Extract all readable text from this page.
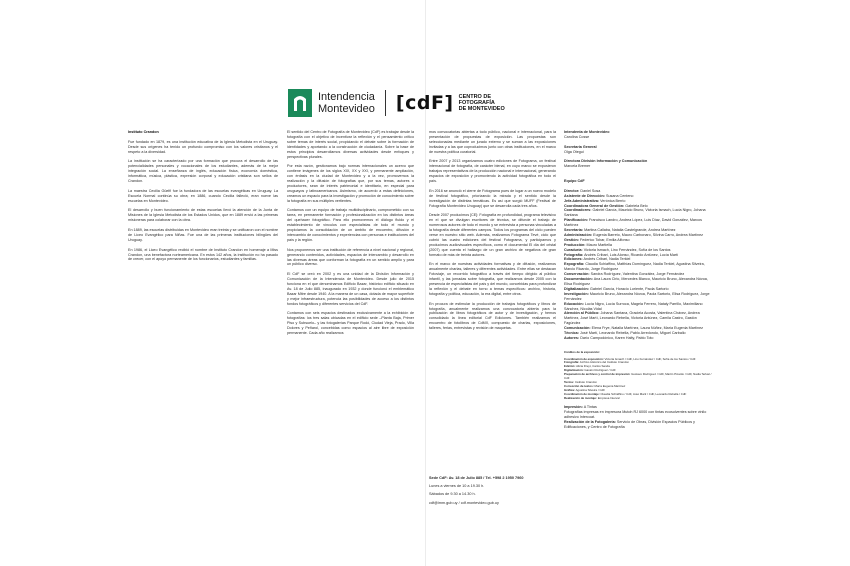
Intendencia
Montevideo [cdF] CENTRO DE
FOTOGRAFÍA
DE MONTEVIDEO

Instituto Crandon

Fue fundado en 1879, es una institución educativa de la Iglesia Metodista en el Uruguay. Desde sus orígenes ha tenido un profundo compromiso con los valores cristianos y el respeto a la diversidad.

La institución se ha caracterizado por una formación que procura el desarrollo de las potencialidades personales y vocacionales de los estudiantes, además de la mejor integración social. La enseñanza de inglés, educación física, economía doméstica, informática, música, plástica, expresión corporal y educación cristiana son sellos de Crandon.

La maestra Cecilia Güelfi fue la fundadora de las escuelas evangélicas en Uruguay. La Escuela Normal continúa su obra; en 1886, cuando Cecilia falleció, eran nueve las escuelas en Montevideo.

El desarrollo y buen funcionamiento de estas escuelas llevó la atención de la Junta de Misiones de la Iglesia Metodista de los Estados Unidos, que en 1889 envió a las primeras misioneras para colaborar con la obra.

En 1889, las escuelas distribuidas en Montevideo eran treinta y se unificaron con el nombre de Liceo Evangélico para Niñas. Fue una de las primeras instituciones bilingües del Uruguay.

En 1986, el Liceo Evangélico recibió el nombre de Instituto Crandon en homenaje a Miss Crandon, una benefactora norteamericana. En estos 142 años, la institución no ha pasado de crecer, con el apoyo permanente de los funcionarios, estudiantes y familias.

El sentido del Centro de Fotografía de Montevideo (CdF) es trabajar desde la fotografía con el objetivo de incentivar la reflexión y el pensamiento crítico sobre temas de interés social, propiciando el debate sobre la formación de identidades y aportando a la construcción de ciudadanía. Sobre la base de estos principios desarrollamos diversas actividades desde enfoques y perspectivas plurales.

Por esta razón, gestionamos bajo normas internacionales un acervo que contiene imágenes de los siglos XIX, XX y XXI, y permanente ampliación, con énfasis en la ciudad de Montevideo y a la vez, promovemos la realización y la difusión de fotografías que, por sus temas, autores o productores, sean de interés patrimonial e identitario, en especial para uruguayos y latinoamericanos. Asimismo, de acuerdo a estas definiciones, creamos un espacio para la investigación y promoción de conocimiento sobre la fotografía en sus múltiples vertientes.

Contamos con un equipo de trabajo multidisciplinario, comprometido con su tarea, en permanente formación y profesionalización en los distintos áreas del quehacer fotográfico. Para ello promovemos el diálogo fluido y el establecimiento de vínculos con especialistas de todo el mundo y propiciamos la consolidación de un ámbito de encuentro, difusión e intercambio de conocimientos y experiencias con personas e instituciones del país y la región.

Nos proponemos ser una institución de referencia a nivel nacional y regional, generando contenidos, actividades, espacios de intercambio y desarrollo en las diversas áreas que conforman la fotografía en un sentido amplio y para un público diverso.

El CdF se creó en 2002 y es una unidad de la División Información y Comunicación de la Intendencia de Montevideo. Desde julio de 2015 funciona en el que denominamos Edificio Bazar, histórico edificio situado en Av. 18 de Julio 885, inaugurado en 1932 y donde funcionó el emblemático Bazar Mitre desde 1940. A la manera de un casa, dotada de mayor superficie y mejor infraestructura, potencia las posibilidades de acceso a los distintos fondos fotográficos y diferentes servicios del CdF.

Contamos con seis espacios destinados exclusivamente a la exhibición de fotografías: los tres salas ubicadas en el edificio sede –Planta Baja, Primer Piso y Subsuelo– y las fotogalerías Parque Rodó, Ciudad Vieja, Prado, Villa Dolores y Peñarol, concebidas como espacios al aire libre de exposición permanente. Cada año realizamos

mos convocatorias abiertas a todo público, nacional e internacional, para la presentación de propuestas de exposición. Las propuestas son seleccionadas mediante un jurado externo y se suman a las exposiciones invitadas y a las que coproducimos junto con otras instituciones, en el marco de nuestra política curatorial.

Entre 2007 y 2013 organizamos cuatro ediciones de Fotograma, un festival internacional de fotografía, de carácter bienal, en cuyo marco se expusieron trabajos representativos de la producción nacional e internacional, generando espacios de exposición y promoviendo la actividad fotográfica en todo el país.

En 2016 se anunció el cierre de Fotograma pues de lugar a un nuevo modelo de festival fotográfico, priorizando la mirada y el sentido desde la investigación de distintas temáticas. Es así que surgió MUFF (Festival de Fotografía Montevideo Uruguay) que se desarrolla cada tres años.

Desde 2007 producimos [CE]: Fotografía en profundidad, programa televisivo en el que se divulgan escritores de técnica, se difunde el trabajo de numerosos autores de todo el mundo y se entrevista a personas vinculadas a la fotografía desde diferentes campos. Todos los programas del ciclo pueden verse en nuestro sitio web. Además, realizamos Fotograma Tevé, ciclo que cubrió las cuatro ediciones del festival Fotograma, y participamos y producimos audiovisuales específicos, como el documental El día del cristal (2007) que cuenta el hallazgo de un gran archivo de negativos de gran formato de más de treinta autores.

En el marco de nuestras actividades formativas y de difusión, realizamos anualmente charlas, talleres y diferentes actividades. Entre ellas se destacan Fotoviaje, un recorrido fotográfico a través del tiempo dirigido al público infantil, y las jornadas sobre fotografía, que realizamos desde 2005 con la presencia de especialistas del país y del mundo, concebidas para profundizar la reflexión y el debate en torno a temas específicos: archivo, historia, fotografía y política, educación, la era digital, entre otros.

En procura de estimular la producción de trabajos fotográficos y libros de fotografía, anualmente realizamos una convocatoria abierta para la publicación de libros fotográficos de autor y de investigación, y hemos consolidado la línea editorial CdF Ediciones. También realizamos el encuentro de fotolibros de CdMX, compuesto de charlas, exposiciones, talleres, ferias, entrevistas y revisión de maquetas.

Sede CdF: Av. 18 de Julio 885 / Tel. +598 2 1950 7960
Lunes a viernes de 10 a 19.30 h.
Sábados de 9.30 a 14.30 h.
cdf@imm.gub.uy / cdf.montevideo.gub.uy
Intendenta de Montevideo
Carolina Cosse
Secretaria General
Olga Otegui
Directora División Información y Comunicación
Marcela Bremer
Equipo CdF
Director: Daniel Sosa
Asistente de Dirección: Susana Centeno
Jefa Administrativa: Verónica Berrio
Coordinadora General de Gestión: Gabriela Belo
Coordinadores: Gabriel García, Mauricio Bruno, Victoria Ismach, Lucía Nigro, Johana Santana
Planificación: Francisco Landro, Andrea López, Luis Díaz, David González, Marcos Martínez
Secretaría: Martina Callaba, Natalia Castelgrande, Andrea Martínez
Administración: Eugenia Barreto, Mauro Carbonaro, Silvina Carro, Andrea Martínez
Gestión: Federico Tobar, Emilia Alfonso
Producción: Mauro Martiella
Curaduría: Victoria Ismach, Lino Fernández, Sofía de los Santos
Fotografía: Andrés Cribari, Luis Alonso, Ricardo Antúnez, Lucía Martí
Ediciones: Andrés Cribari, Nadia Terkiel
Expografía: Claudia Schiaffino, Matthías Domínguez, Nadia Terkiel, Agustina Silveira, Marcio Ricardo, Jorge Rodríguez
Conservación: Sandra Rodríguez, Valentina González, Jorge Fernández
Documentación: Ana Laura Cirio, Mercedes Blanco, Mauricio Bruno, Alexandra Nóvoa, Elisa Rodríguez
Digitalización: Gabriel García, Horacio Loriente, Paola Sartorio
Investigación: Mauricio Bruno, Alexandra Nóvoa, Paola Sartorio, Elisa Rodríguez, Jorge Fernández
Educación: Lucía Nigro, Lucía Surroca, Magela Ferrero, Nataly Parrillo, Maximiliano Sánchez, Nicolás Vidal
Atención al Público: Johana Santana, Graciela Acosta, Valentina Chávez, Andrea Martínez, José Martí, Leonardo Rebella, Victoria Antúnez, Camila Castro, Gastón Fagúndez
Comunicación: Elena Frye, Natalia Martínez, Laura Núñez, María Eugenia Martínez
Técnica: José Martí, Leonardo Rebella, Pablo Arredondo, Miguel Carballo
Autores: Darío Campodónico, Karen Halty, Pablo Toto
Créditos de la exposición:
Coordinación de exposición: Victoria Ismach / CdF, Lino Fernández / CdF, Sofía de los Santos / CdF
Fotografía: Archivo Histórico del Instituto Crandon
Edición: Alicia Dreyt, Carlos Sanda
Digitalización: Gastón Rodríguez / CdF
Preparación de archivos y control de impresión: Gustavo Rodríguez / CdF, Martín Picardo / CdF, Nadia Terkiel / CdF
Textos: Instituto Crandon
Corrección de textos: María Eugenia Martínez
Gráfica: Agustina Silveira / CdF
Coordinación de montaje: Claudia Schiaffino / CdF, José Martí / CdF, Leonardo Rebella / CdF
Realización de montaje: Empresa Interval
Impresión: A Tintas
Fotografías impresas en impresora Mutoh RJ 6000 con tintas ecosolventes sobre vinilo adhesivo Intercoat.
Realización de la Fotogalería: Servicio de Obras, División Espacios Públicos y Edificaciones, y Centro de Fotografía
